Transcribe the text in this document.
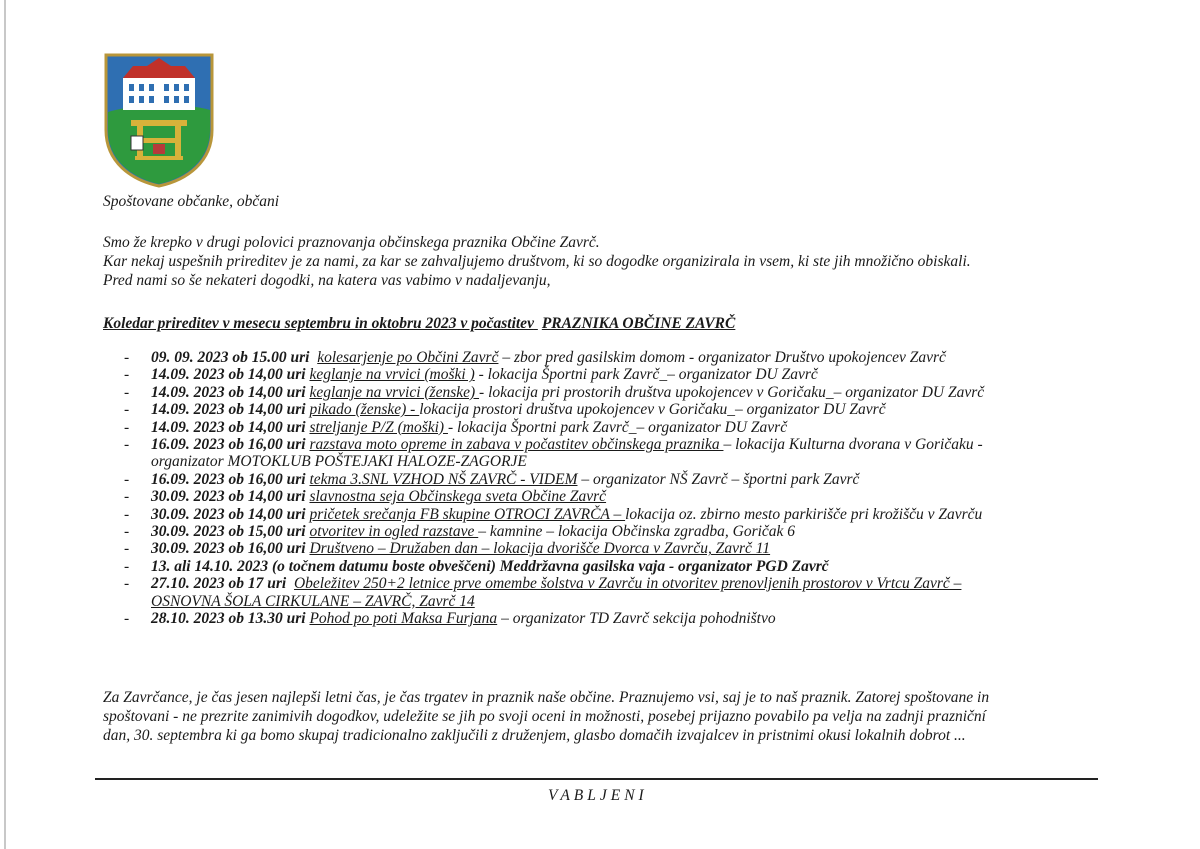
Spoštovane občanke, občani
Smo že krepko v drugi polovici praznovanja občinskega praznika Občine Zavrč.
Kar nekaj uspešnih prireditev je za nami, za kar se zahvaljujemo društvom, ki so dogodke organizirala in vsem, ki ste jih množično obiskali.
Pred nami so še nekateri dogodki, na katera vas vabimo v nadaljevanju,
Koledar prireditev v mesecu septembru in oktobru 2023 v počastitev PRAZNIKA OBČINE ZAVRČ
- 09. 09. 2023 ob 15.00 uri kolesarjenje po Občini Zavrč – zbor pred gasilskim domom - organizator Društvo upokojencev Zavrč
- 14.09. 2023 ob 14,00 uri keglanje na vrvici (moški ) - lokacija Športni park Zavrč_– organizator DU Zavrč
- 14.09. 2023 ob 14,00 uri keglanje na vrvici (ženske) - lokacija pri prostorih društva upokojencev v Goričaku_– organizator DU Zavrč
- 14.09. 2023 ob 14,00 uri pikado (ženske) - lokacija prostori društva upokojencev v Goričaku_– organizator DU Zavrč
- 14.09. 2023 ob 14,00 uri streljanje P/Z (moški) - lokacija Športni park Zavrč_– organizator DU Zavrč
- 16.09. 2023 ob 16,00 uri razstava moto opreme in zabava v počastitev občinskega praznika – lokacija Kulturna dvorana v Goričaku -
organizator MOTOKLUB POŠTEJAKI HALOZE-ZAGORJE
- 16.09. 2023 ob 16,00 uri tekma 3.SNL VZHOD NŠ ZAVRČ - VIDEM – organizator NŠ Zavrč – športni park Zavrč
- 30.09. 2023 ob 14,00 uri slavnostna seja Občinskega sveta Občine Zavrč
- 30.09. 2023 ob 14,00 uri pričetek srečanja FB skupine OTROCI ZAVRČA – lokacija oz. zbirno mesto parkirišče pri krožišču v Zavrču
- 30.09. 2023 ob 15,00 uri otvoritev in ogled razstave – kamnine – lokacija Občinska zgradba, Goričak 6
- 30.09. 2023 ob 16,00 uri Društveno – Družaben dan – lokacija dvorišče Dvorca v Zavrču, Zavrč 11
- 13. ali 14.10. 2023 (o točnem datumu boste obveščeni) Meddržavna gasilska vaja - organizator PGD Zavrč
- 27.10. 2023 ob 17 uri Obeležitev 250+2 letnice prve omembe šolstva v Zavrču in otvoritev prenovljenih prostorov v Vrtcu Zavrč –
OSNOVNA ŠOLA CIRKULANE – ZAVRČ, Zavrč 14
- 28.10. 2023 ob 13.30 uri Pohod po poti Maksa Furjana – organizator TD Zavrč sekcija pohodništvo
Za Zavrčance, je čas jesen najlepši letni čas, je čas trgatev in praznik naše občine. Praznujemo vsi, saj je to naš praznik. Zatorej spoštovane in
spoštovani - ne prezrite zanimivih dogodkov, udeležite se jih po svoji oceni in možnosti, posebej prijazno povabilo pa velja na zadnji prazniční
dan, 30. septembra ki ga bomo skupaj tradicionalno zaključili z druženjem, glasbo domačih izvajalcev in pristnimi okusi lokalnih dobrot ...
VABLJENI
